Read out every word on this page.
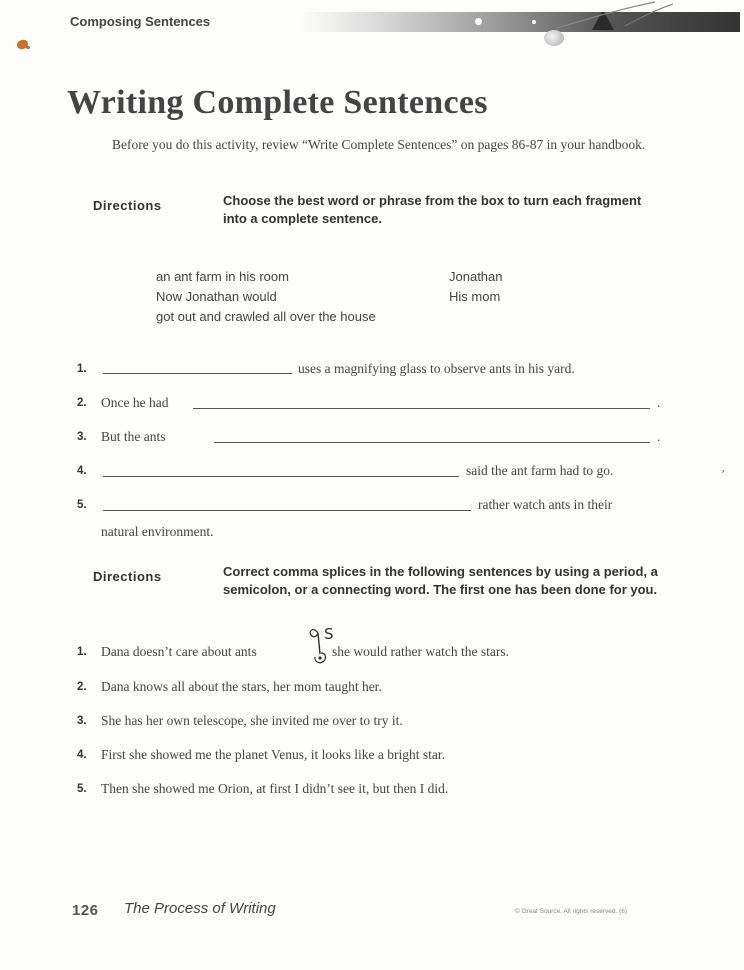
Composing Sentences
Writing Complete Sentences
Before you do this activity, review “Write Complete Sentences” on pages 86-87 in your handbook.
Directions	Choose the best word or phrase from the box to turn each fragment into a complete sentence.
an ant farm in his room
Now Jonathan would
got out and crawled all over the house
Jonathan
His mom
1.	uses a magnifying glass to observe ants in his yard.
2. Once he had	.
3. But the ants	.
4.	said the ant farm had to go.	ʼ
5.	rather watch ants in their
natural environment.
Directions	Correct comma splices in the following sentences by using a period, a semicolon, or a connecting word. The first one has been done for you.
1. Dana doesn’t care about ants	she would rather watch the stars.
S
2. Dana knows all about the stars, her mom taught her.
3. She has her own telescope, she invited me over to try it.
4. First she showed me the planet Venus, it looks like a bright star.
5. Then she showed me Orion, at first I didn’t see it, but then I did.
126 The Process of Writing	© Great Source. All rights reserved. (6)
